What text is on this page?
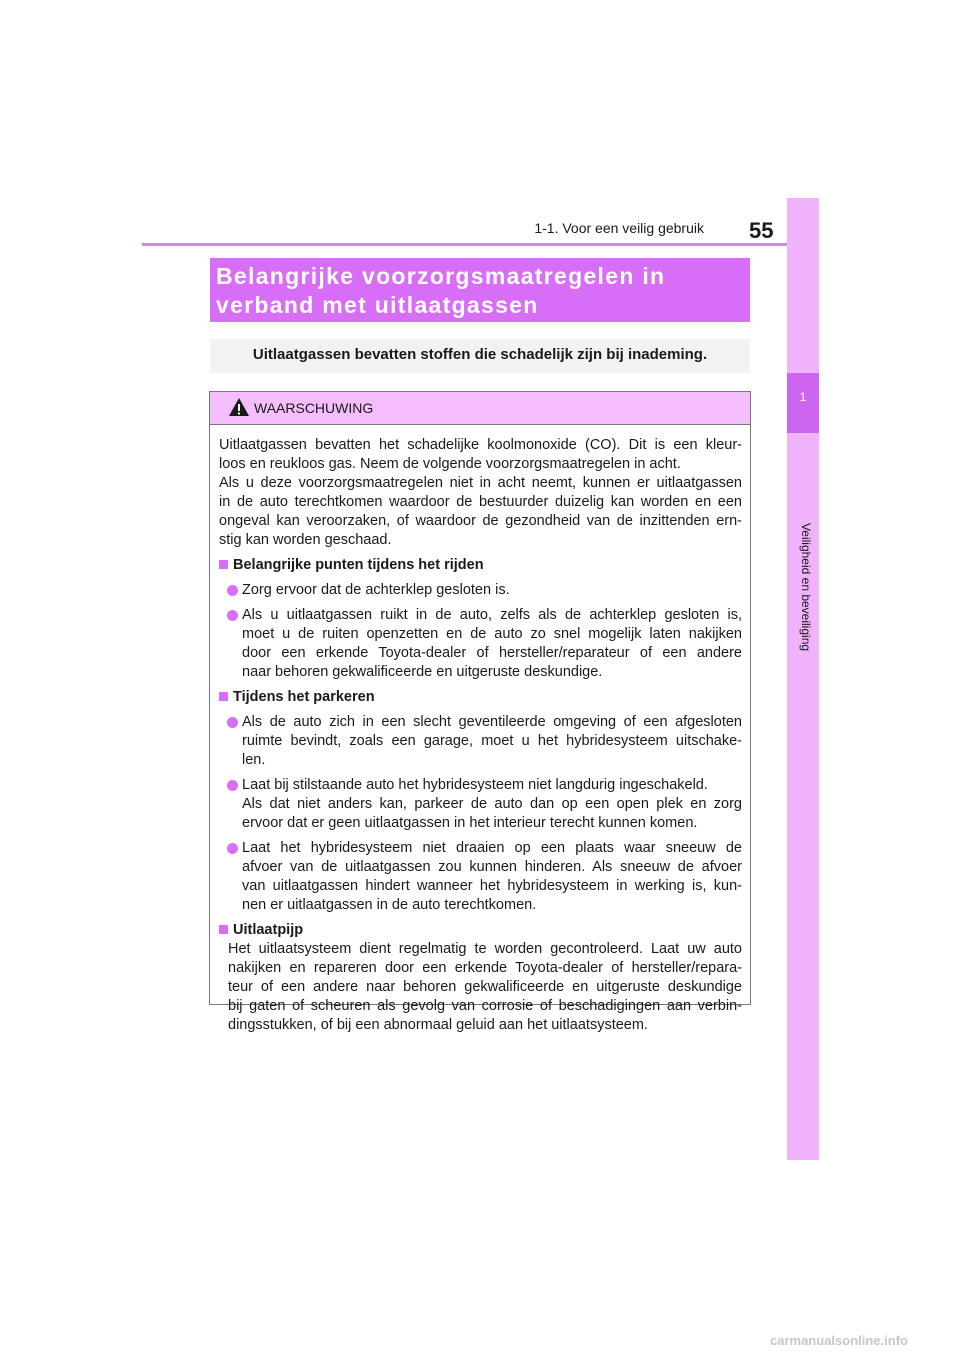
55
1-1. Voor een veilig gebruik
1
Veiligheid en beveiliging
Belangrijke voorzorgsmaatregelen in
verband met uitlaatgassen
Uitlaatgassen bevatten stoffen die schadelijk zijn bij inademing.
WAARSCHUWING
Uitlaatgassen bevatten het schadelijke koolmonoxide (CO). Dit is een kleur-
loos en reukloos gas. Neem de volgende voorzorgsmaatregelen in acht.
Als u deze voorzorgsmaatregelen niet in acht neemt, kunnen er uitlaatgassen
in de auto terechtkomen waardoor de bestuurder duizelig kan worden en een
ongeval kan veroorzaken, of waardoor de gezondheid van de inzittenden ern-
stig kan worden geschaad.
Belangrijke punten tijdens het rijden
Zorg ervoor dat de achterklep gesloten is.
Als u uitlaatgassen ruikt in de auto, zelfs als de achterklep gesloten is,
moet u de ruiten openzetten en de auto zo snel mogelijk laten nakijken
door een erkende Toyota-dealer of hersteller/reparateur of een andere
naar behoren gekwalificeerde en uitgeruste deskundige.
Tijdens het parkeren
Als de auto zich in een slecht geventileerde omgeving of een afgesloten
ruimte bevindt, zoals een garage, moet u het hybridesysteem uitschake-
len.
Laat bij stilstaande auto het hybridesysteem niet langdurig ingeschakeld.
Als dat niet anders kan, parkeer de auto dan op een open plek en zorg
ervoor dat er geen uitlaatgassen in het interieur terecht kunnen komen.
Laat het hybridesysteem niet draaien op een plaats waar sneeuw de
afvoer van de uitlaatgassen zou kunnen hinderen. Als sneeuw de afvoer
van uitlaatgassen hindert wanneer het hybridesysteem in werking is, kun-
nen er uitlaatgassen in de auto terechtkomen.
Uitlaatpijp
Het uitlaatsysteem dient regelmatig te worden gecontroleerd. Laat uw auto
nakijken en repareren door een erkende Toyota-dealer of hersteller/repara-
teur of een andere naar behoren gekwalificeerde en uitgeruste deskundige
bij gaten of scheuren als gevolg van corrosie of beschadigingen aan verbin-
dingsstukken, of bij een abnormaal geluid aan het uitlaatsysteem.
carmanualsonline.info
